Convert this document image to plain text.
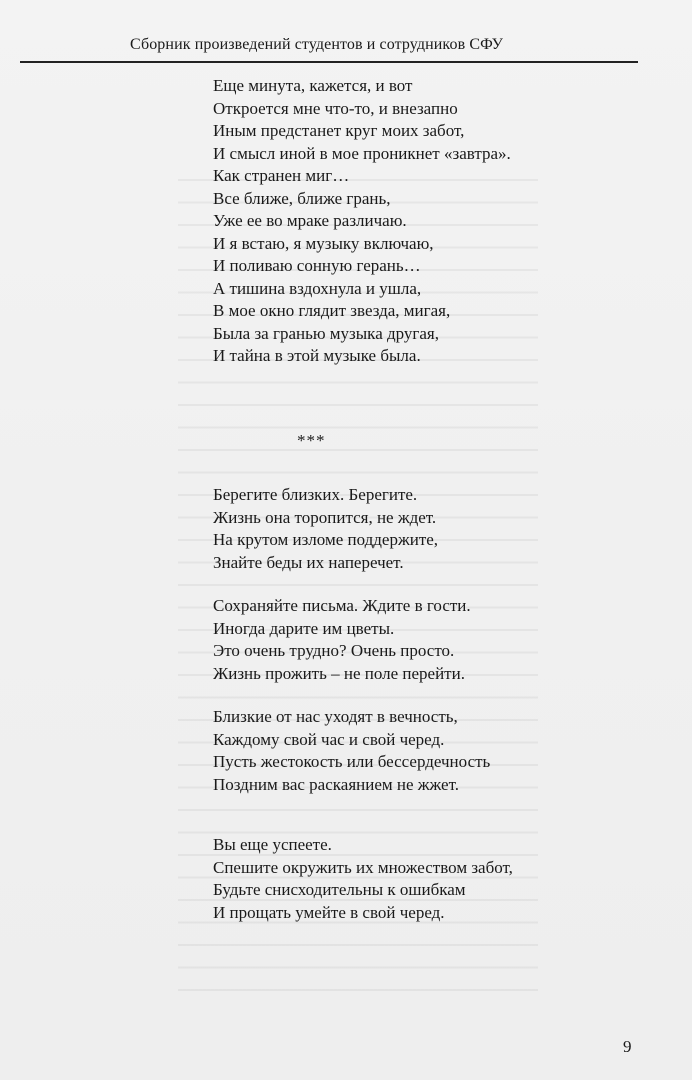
Сборник произведений студентов и сотрудников СФУ
Еще минута, кажется, и вот
Откроется мне что-то, и внезапно
Иным предстанет круг моих забот,
И смысл иной в мое проникнет «завтра».
Как странен миг…
Все ближе, ближе грань,
Уже ее во мраке различаю.
И я встаю, я музыку включаю,
И поливаю сонную герань…
А тишина вздохнула и ушла,
В мое окно глядит звезда, мигая,
Была за гранью музыка другая,
И тайна в этой музыке была.
***
Берегите близких. Берегите.
Жизнь она торопится, не ждет.
На крутом изломе поддержите,
Знайте беды их наперечет.
Сохраняйте письма. Ждите в гости.
Иногда дарите им цветы.
Это очень трудно? Очень просто.
Жизнь прожить – не поле перейти.
Близкие от нас уходят в вечность,
Каждому свой час и свой черед.
Пусть жестокость или бессердечность
Поздним вас раскаянием не жжет.
Вы еще успеете.
Спешите окружить их множеством забот,
Будьте снисходительны к ошибкам
И прощать умейте в свой черед.
9
